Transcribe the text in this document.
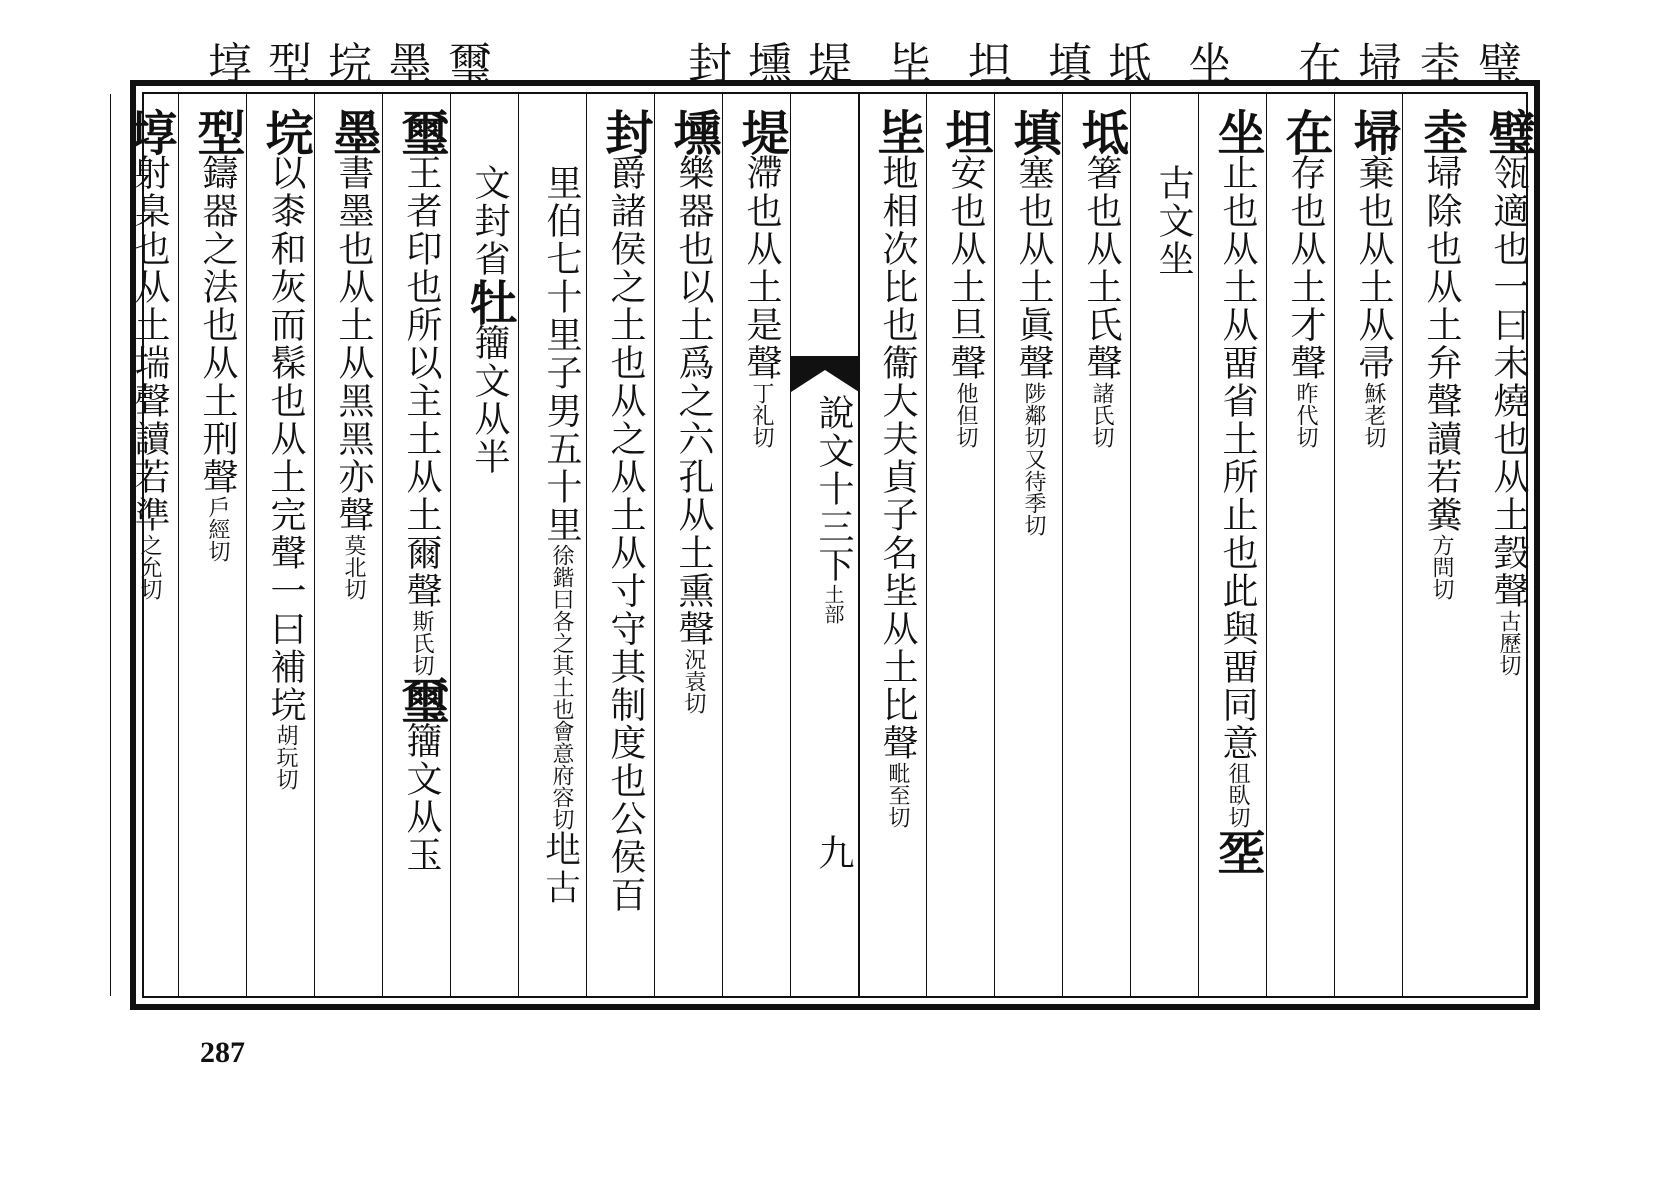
璧
坴
埽
在
坐
坻
填
坦
坒
堤
壎
封
璽
墨
垸
型
埻
璧瓴適也一曰未燒也从土瑴聲古歷切
坴埽除也从土弁聲讀若糞方問切
埽棄也从土从帚穌老切
在存也从土才聲昨代切
坐止也从土从畱省土所止也此與畱同意徂臥切㘸
古文坐
坻箸也从土氏聲諸氏切
填塞也从土眞聲陟鄰切又待季切
坦安也从土旦聲他但切
坒地相次比也衞大夫貞子名坒从土比聲毗至切
說文十三下土部
九
堤滯也从土是聲丁礼切
壎樂器也以土爲之六孔从土熏聲況袁切
封爵諸侯之土也从之从土从寸守其制度也公侯百
里伯七十里子男五十里徐鍇曰各之其土也會意府容切𡉵古
文封省牡籒文从半
璽王者印也所以主土从土爾聲斯氏切璽籒文从玉
墨書墨也从土从黑黑亦聲莫北切
垸以桼和灰而髹也从土完聲一曰補垸胡玩切
型鑄器之法也从土刑聲戶經切
埻射臬也从土㙐聲讀若準之允切
287
